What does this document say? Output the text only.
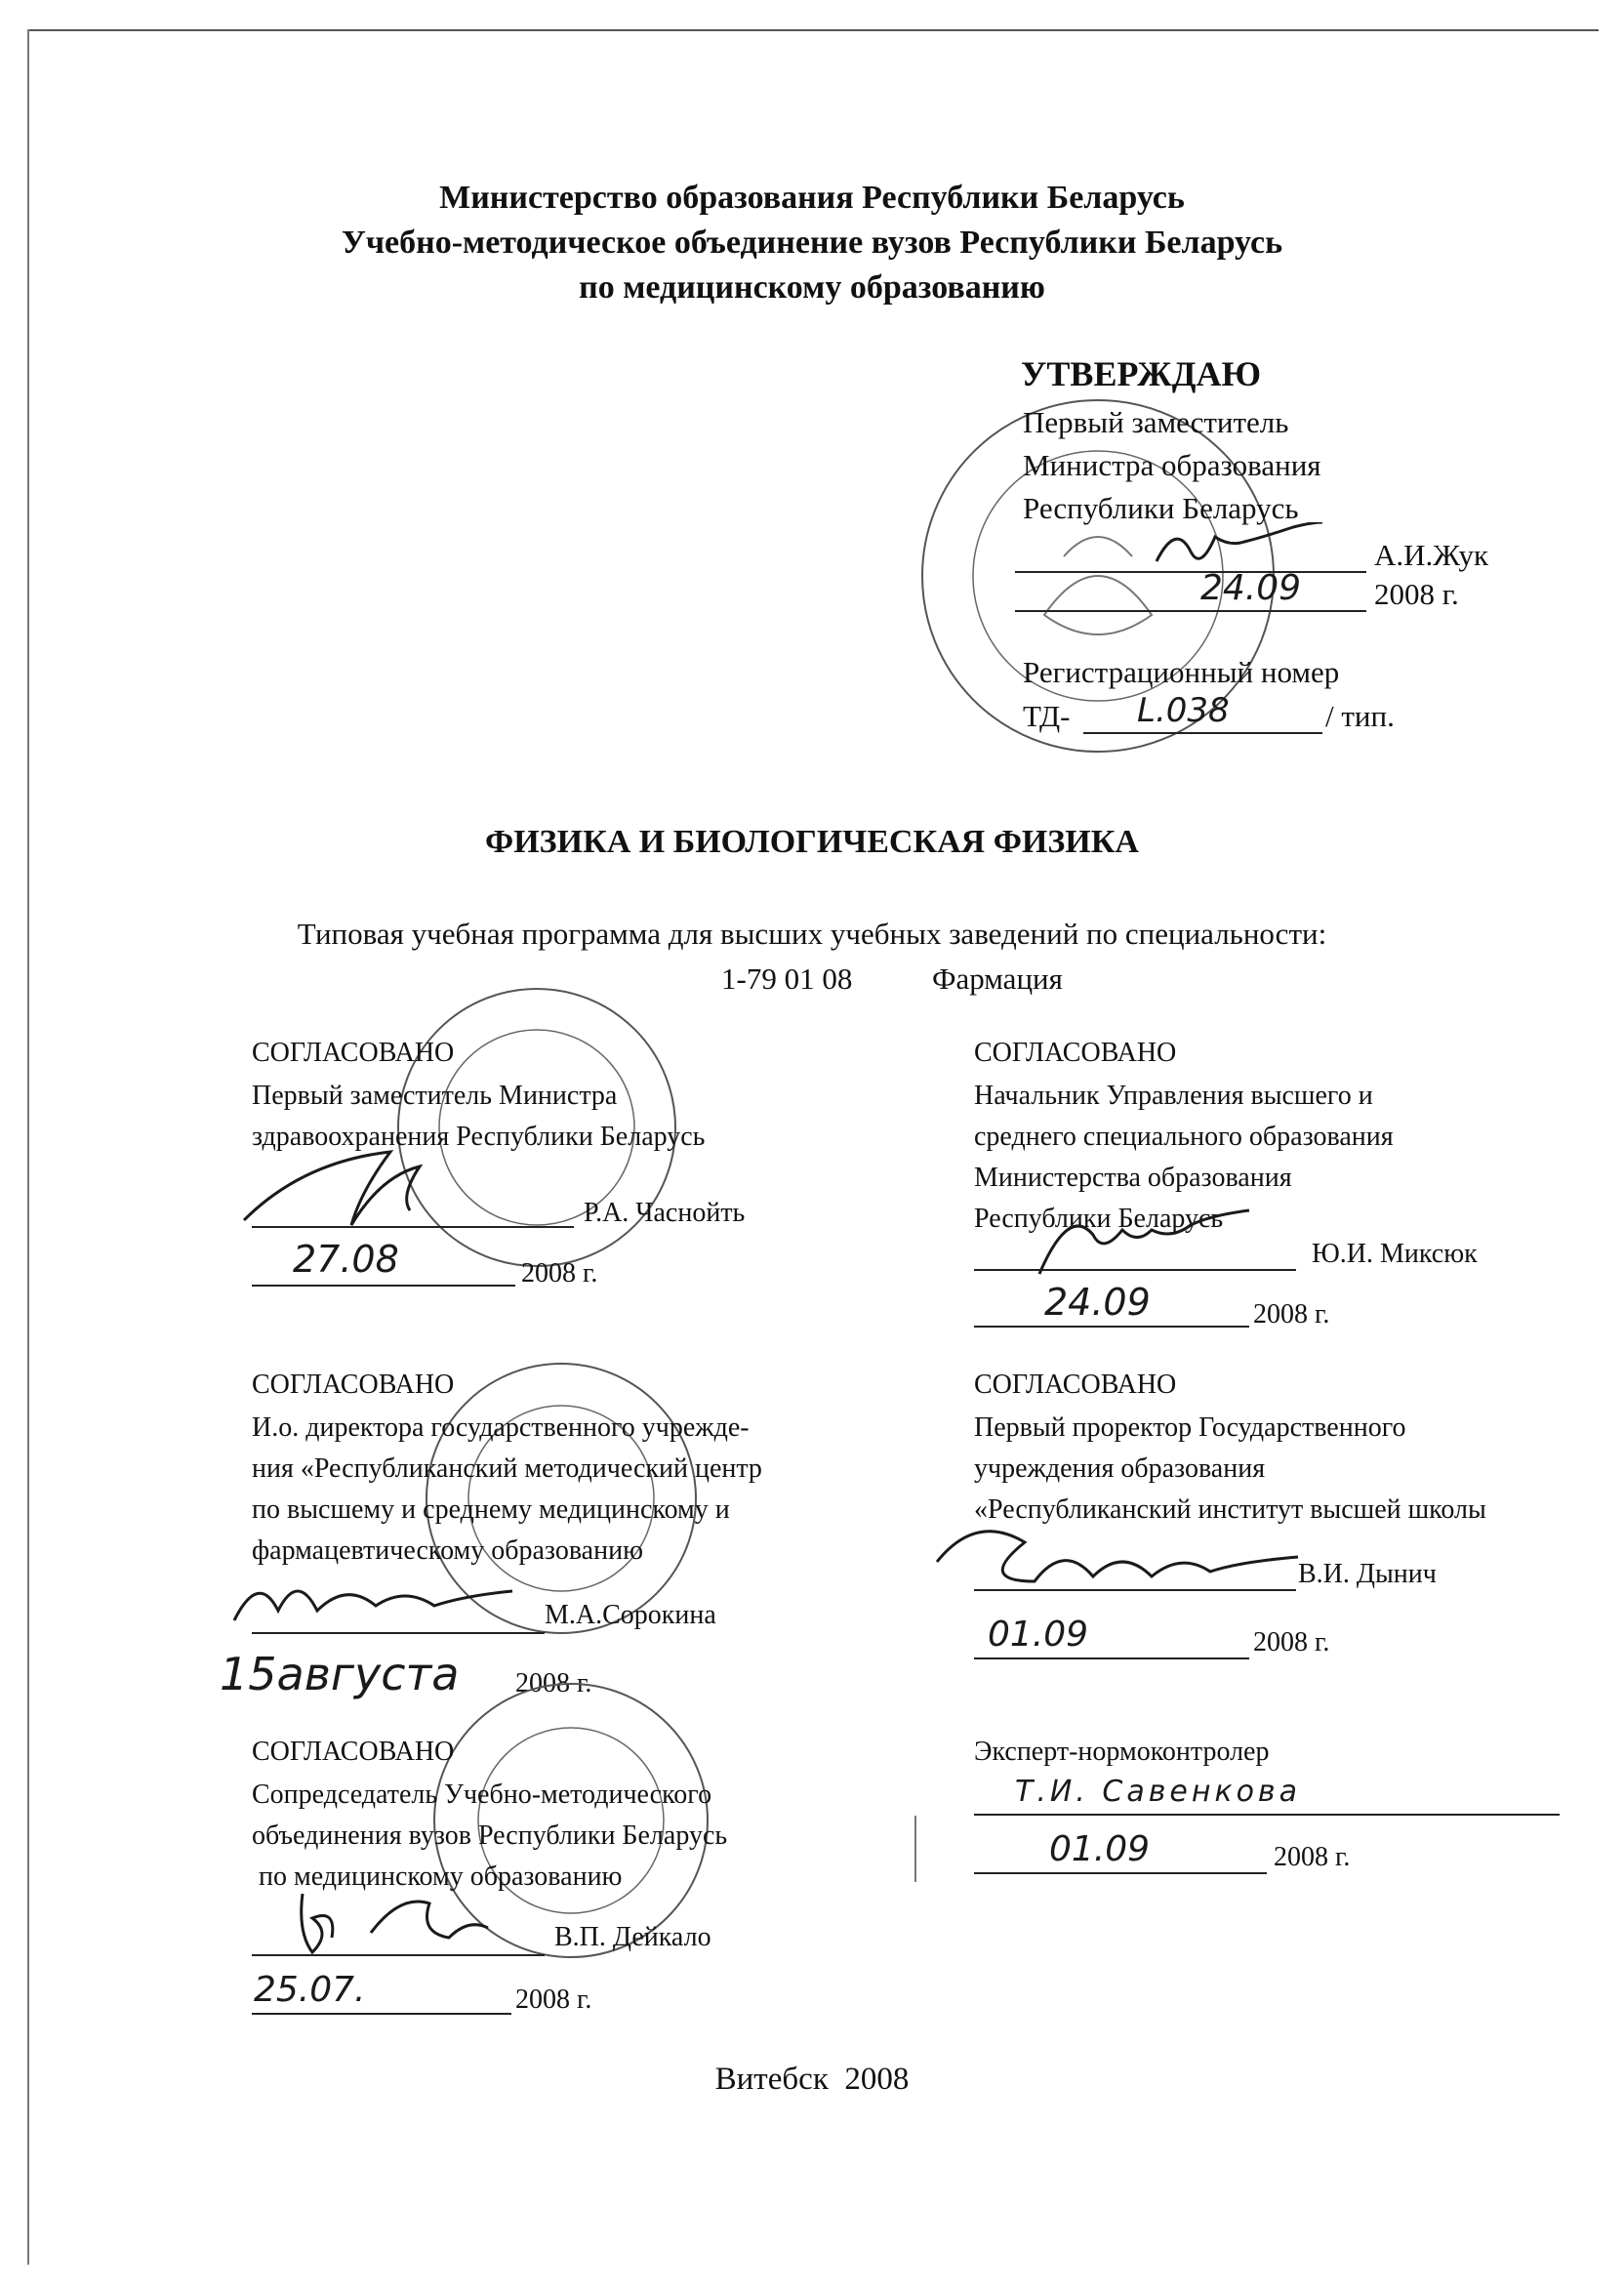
Министерство образования Республики Беларусь
Учебно-методическое объединение вузов Республики Беларусь
по медицинскому образованию
УТВЕРЖДАЮ
Первый заместитель
Министра образования
Республики Беларусь
А.И.Жук
24.09 2008 г.
Регистрационный номер
ТД- L.038	/ тип.
ФИЗИКА И БИОЛОГИЧЕСКАЯ ФИЗИКА
Типовая учебная программа для высших учебных заведений по специальности:
1-79 01 08	Фармация
СОГЛАСОВАНО
Первый заместитель Министра
здравоохранения Республики Беларусь
Р.А. Часнойть
27.08	2008 г.
СОГЛАСОВАНО
Начальник Управления высшего и
среднего специального образования
Министерства образования
Республики Беларусь
Ю.И. Миксюк
24.09	2008 г.
СОГЛАСОВАНО
И.о. директора государственного учрежде-
ния «Республиканский методический центр
по высшему и среднему медицинскому и
фармацевтическому образованию
М.А.Сорокина
15августа 2008 г.
СОГЛАСОВАНО
Первый проректор Государственного
учреждения образования
«Республиканский институт высшей школы
В.И. Дынич
01.09	2008 г.
СОГЛАСОВАНО
Сопредседатель Учебно-методического
объединения вузов Республики Беларусь
по медицинскому образованию
В.П. Дейкало
25.07.	2008 г.
Эксперт-нормоконтролер
Т.И. Савенкова
01.09	2008 г.
Витебск  2008
